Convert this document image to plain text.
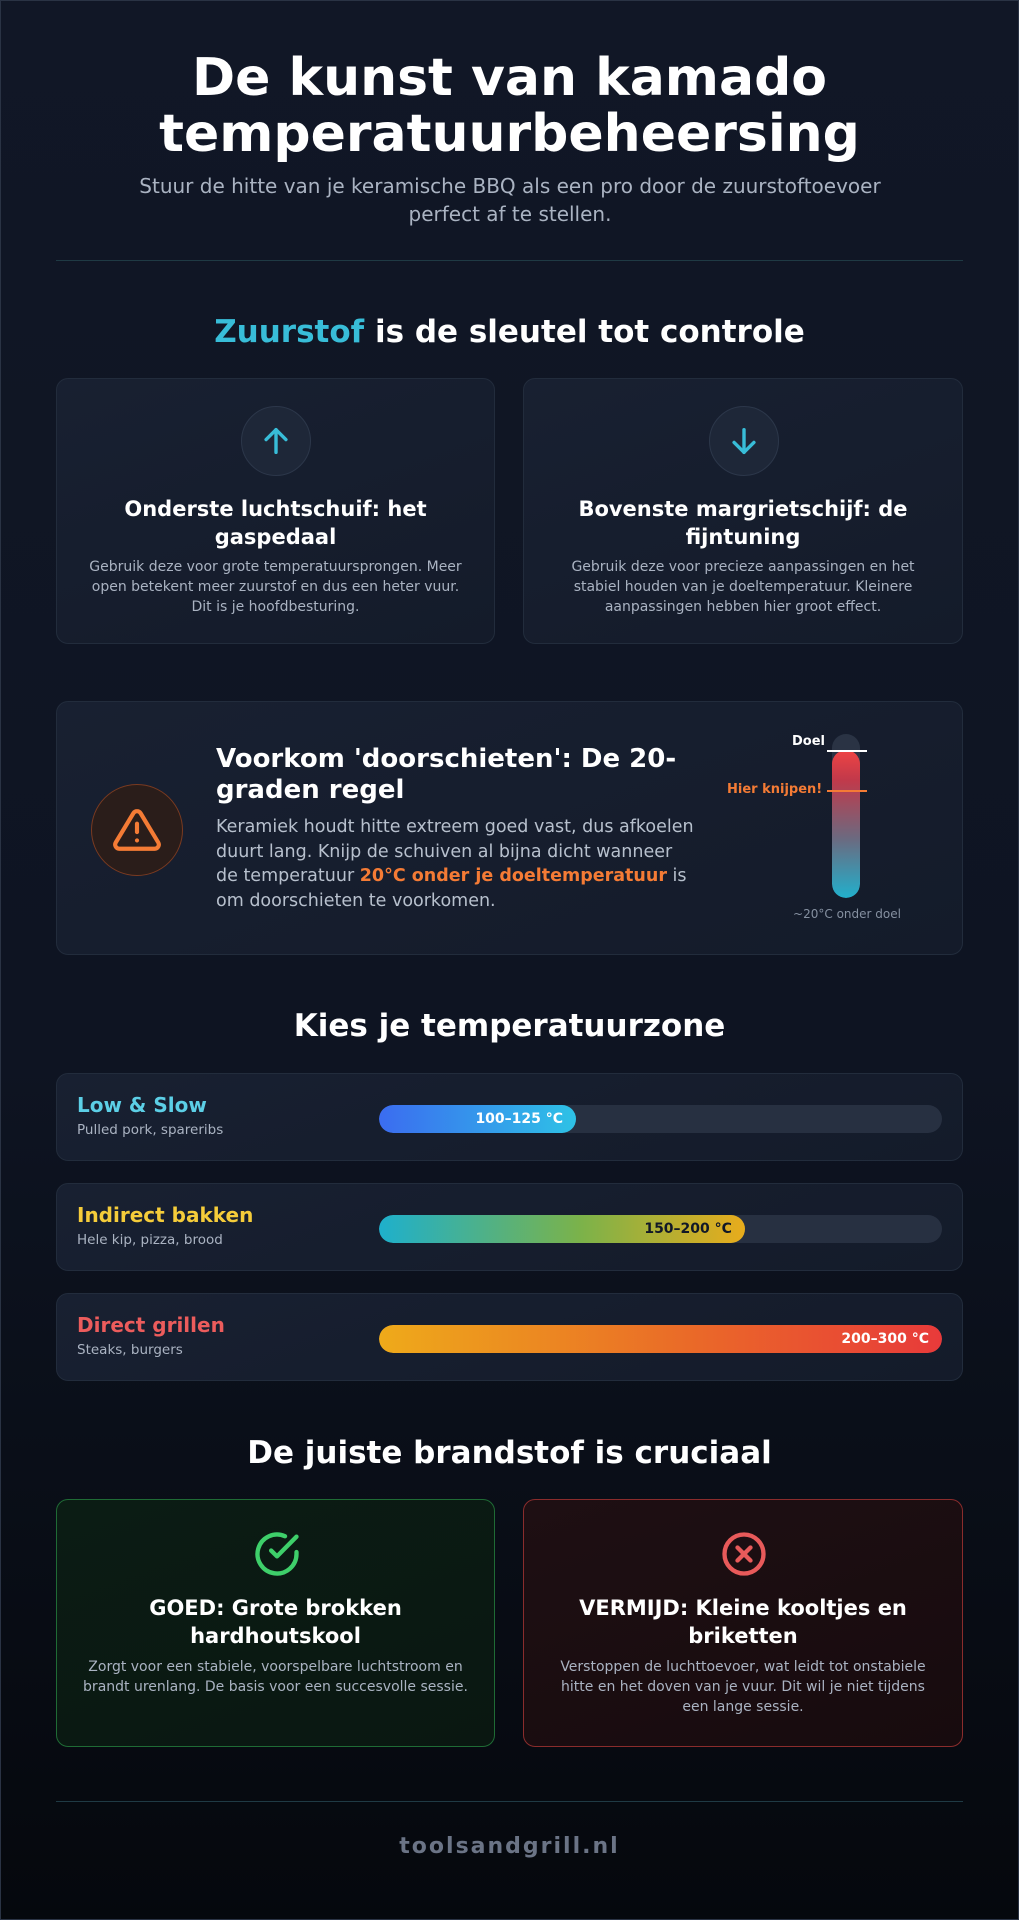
De kunst van kamado temperatuurbeheersing

Stuur de hitte van je keramische BBQ als een pro door de zuurstoftoevoer perfect af te stellen.

Zuurstof is de sleutel tot controle
Onderste luchtschuif: het gaspedaal
Gebruik deze voor grote temperatuursprongen. Meer open betekent meer zuurstof en dus een heter vuur. Dit is je hoofdbesturing.
Bovenste margrietschijf: de fijntuning
Gebruik deze voor precieze aanpassingen en het stabiel houden van je doeltemperatuur. Kleinere aanpassingen hebben hier groot effect.
Voorkom 'doorschieten': De 20-graden regel
Keramiek houdt hitte extreem goed vast, dus afkoelen duurt lang. Knijp de schuiven al bijna dicht wanneer de temperatuur 20°C onder je doeltemperatuur is om doorschieten te voorkomen.
Doel
Hier knijpen!
~20°C onder doel
Kies je temperatuurzone
Low & Slow
Pulled pork, spareribs
100–125 °C
Indirect bakken
Hele kip, pizza, brood
150–200 °C
Direct grillen
Steaks, burgers
200–300 °C
De juiste brandstof is cruciaal
GOED: Grote brokken hardhoutskool
Zorgt voor een stabiele, voorspelbare luchtstroom en brandt urenlang. De basis voor een succesvolle sessie.
VERMIJD: Kleine kooltjes en briketten
Verstoppen de luchttoevoer, wat leidt tot onstabiele hitte en het doven van je vuur. Dit wil je niet tijdens een lange sessie.
toolsandgrill.nl
